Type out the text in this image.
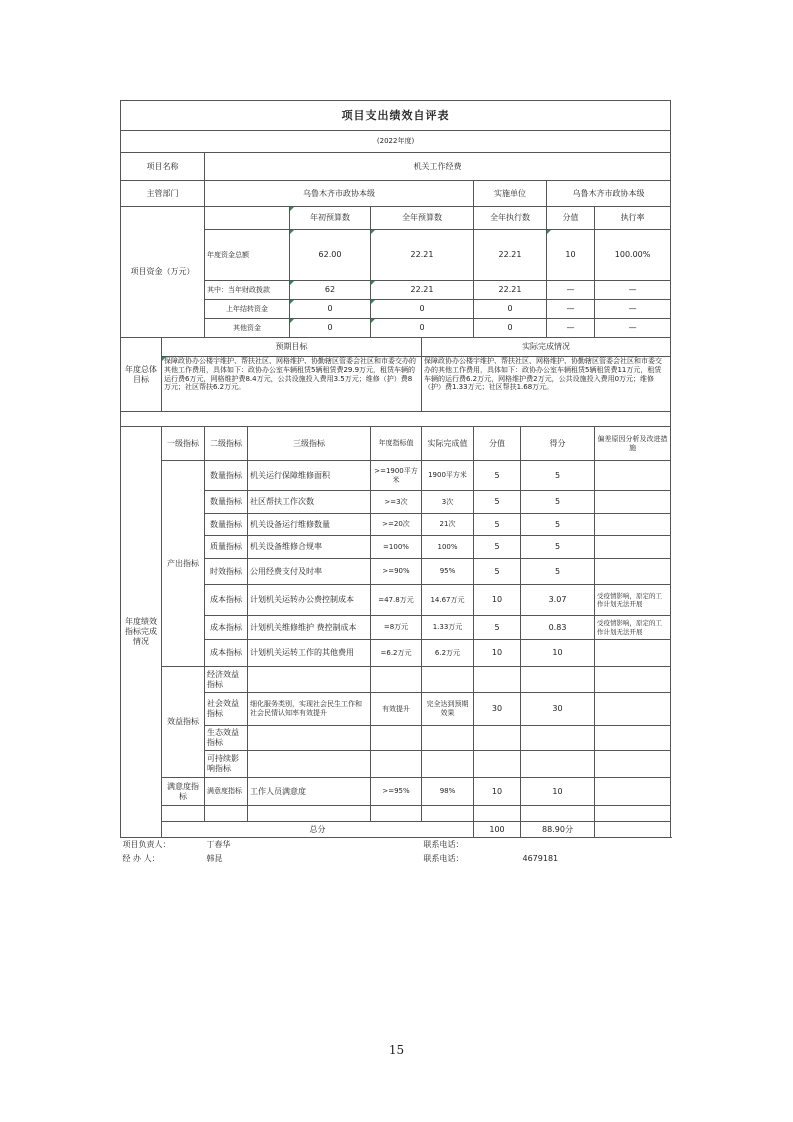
项目支出绩效自评表											
(2022年度)											
项目名称		机关工作经费									
主管部门		乌鲁木齐市政协本级					实施单位		乌鲁木齐市政协本级		
项目资金（万元）				年初预算数	全年预算数		全年执行数		分值	执行率	
		年度资金总额		62.00	22.21		22.21		10	100.00%	
		其中：当年财政拨款		62	22.21		22.21		—	—	
		上年结转资金		0	0		0		—	—	
		其他资金		0	0		0		—	—	
年度总体目标	预期目标					实际完成情况					
	保障政协办公楼宇维护、帮扶社区、网格维护、协勤辖区管委会社区和市委交办的其他工作费用，具体如下：政协办公室车辆租赁5辆租赁费29.9万元，租赁车辆的运行费6万元，网格维护费8.4万元，公共设施投入费用3.5万元；维修（护）费8万元；社区帮扶6.2万元。					保障政协办公楼宇维护、帮扶社区、网格维护、协勤辖区管委会社区和市委交办的其他工作费用，具体如下：政协办公室车辆租赁5辆租赁费11万元，租赁车辆的运行费6.2万元，网格维护费2万元，公共设施投入费用0万元；维修（护）费1.33万元；社区帮扶1.68万元。					

年度绩效指标完成情况	一级指标	二级指标	三级指标		年度指标值	实际完成值	分值	得分		偏差原因分析及改进措施	
	产出指标	数量指标	机关运行保障维修面积		>=1900平方米	1900平方米	5	5			
		数量指标	社区帮扶工作次数		>=3次	3次	5	5			
		数量指标	机关设备运行维修数量		>=20次	21次	5	5			
		质量指标	机关设备维修合规率		=100%	100%	5	5			
		时效指标	公用经费支付及时率		>=90%	95%	5	5			
		成本指标	计划机关运转办公费控制成本		=47.8万元	14.67万元	10	3.07		受疫情影响，原定的工作计划无法开展	
		成本指标	计划机关维修维护 费控制成本		=8万元	1.33万元	5	0.83		受疫情影响，原定的工作计划无法开展	
		成本指标	计划机关运转工作的其他费用		=6.2万元	6.2万元	10	10			
	效益指标	经济效益指标									
		社会效益指标	细化服务类别，实现社会民生工作和社会民情认知率有效提升		有效提升	完全达到预期效果	30	30			
		生态效益指标									
		可持续影响指标									
	满意度指标	满意度指标	工作人员满意度		>=95%	98%	10	10			

	总分						100	88.90分			
项目负责人：		丁春华				联系电话：					
经 办 人：		韩昆				联系电话：		4679181			
15
